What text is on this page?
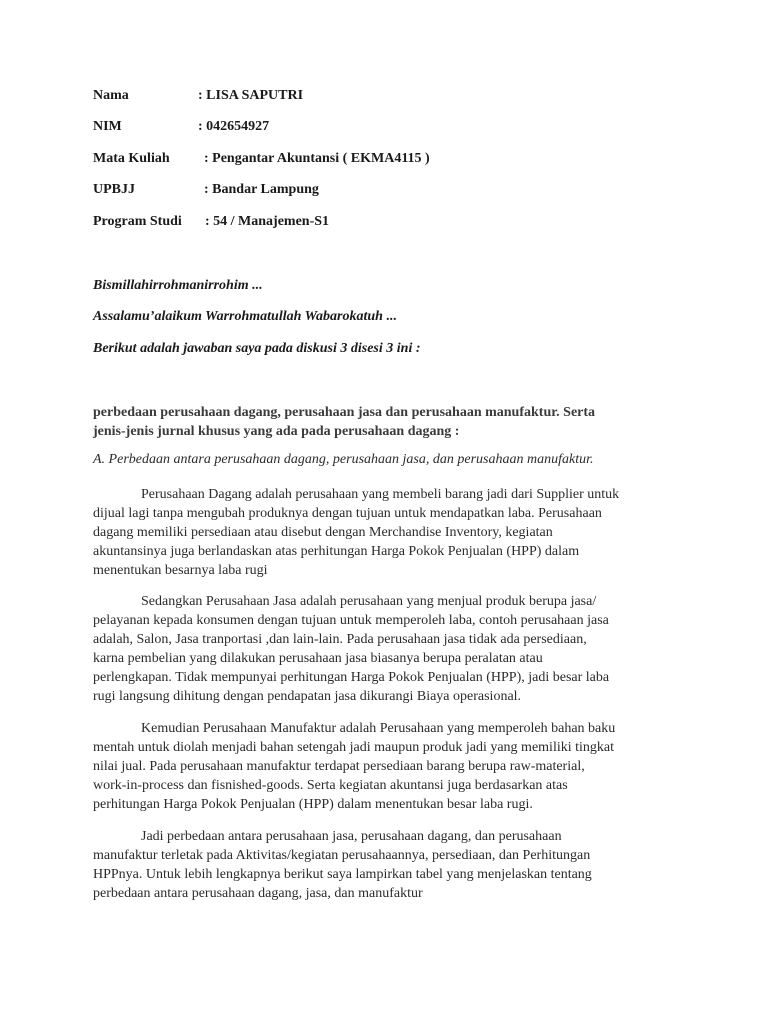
Nama	: LISA SAPUTRI
NIM	: 042654927
Mata Kuliah : Pengantar Akuntansi ( EKMA4115 )
UPBJJ	: Bandar Lampung
Program Studi : 54 / Manajemen-S1
Bismillahirrohmanirrohim ...
Assalamu’alaikum Warrohmatullah Wabarokatuh ...
Berikut adalah jawaban saya pada diskusi 3 disesi 3 ini :
perbedaan perusahaan dagang, perusahaan jasa dan perusahaan manufaktur. Serta
jenis-jenis jurnal khusus yang ada pada perusahaan dagang :
A. Perbedaan antara perusahaan dagang, perusahaan jasa, dan perusahaan manufaktur.
Perusahaan Dagang adalah perusahaan yang membeli barang jadi dari Supplier untuk
dijual lagi tanpa mengubah produknya dengan tujuan untuk mendapatkan laba. Perusahaan
dagang memiliki persediaan atau disebut dengan Merchandise Inventory, kegiatan
akuntansinya juga berlandaskan atas perhitungan Harga Pokok Penjualan (HPP) dalam
menentukan besarnya laba rugi
Sedangkan Perusahaan Jasa adalah perusahaan yang menjual produk berupa jasa/
pelayanan kepada konsumen dengan tujuan untuk memperoleh laba, contoh perusahaan jasa
adalah, Salon, Jasa tranportasi ,dan lain-lain. Pada perusahaan jasa tidak ada persediaan,
karna pembelian yang dilakukan perusahaan jasa biasanya berupa peralatan atau
perlengkapan. Tidak mempunyai perhitungan Harga Pokok Penjualan (HPP), jadi besar laba
rugi langsung dihitung dengan pendapatan jasa dikurangi Biaya operasional.
Kemudian Perusahaan Manufaktur adalah Perusahaan yang memperoleh bahan baku
mentah untuk diolah menjadi bahan setengah jadi maupun produk jadi yang memiliki tingkat
nilai jual. Pada perusahaan manufaktur terdapat persediaan barang berupa raw-material,
work-in-process dan fisnished-goods. Serta kegiatan akuntansi juga berdasarkan atas
perhitungan Harga Pokok Penjualan (HPP) dalam menentukan besar laba rugi.
Jadi perbedaan antara perusahaan jasa, perusahaan dagang, dan perusahaan
manufaktur terletak pada Aktivitas/kegiatan perusahaannya, persediaan, dan Perhitungan
HPPnya. Untuk lebih lengkapnya berikut saya lampirkan tabel yang menjelaskan tentang
perbedaan antara perusahaan dagang, jasa, dan manufaktur
